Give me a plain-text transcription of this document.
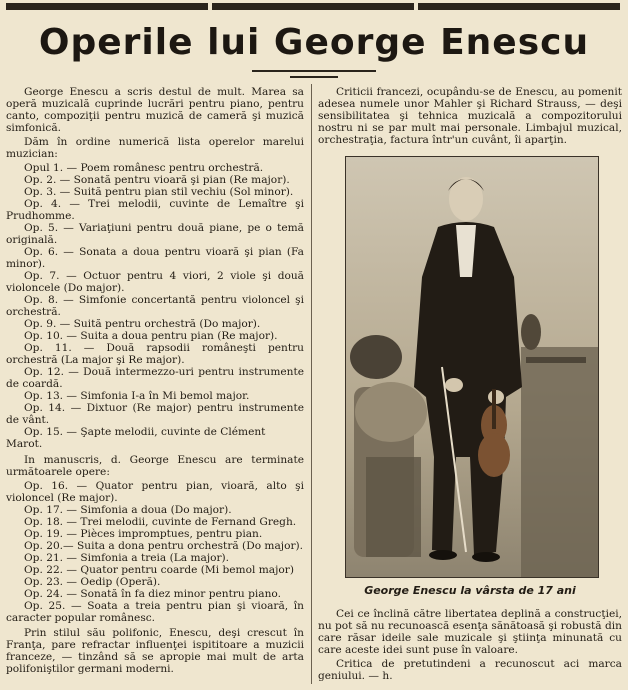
Operile lui George Enescu

George Enescu a scris destul de mult. Marea sa operă muzicală cuprinde lucrări pentru piano, pentru canto, compoziţii pentru muzică de cameră şi muzică simfonică.

Dăm în ordine numerică lista operelor marelui muzician:

Opul 1. — Poem românesc pentru orchestră.

Op. 2. — Sonată pentru vioară şi pian (Re major).

Op. 3. — Suită pentru pian stil vechiu (Sol minor).

Op. 4. — Trei melodii, cuvinte de Lemaître şi Prudhomme.

Op. 5. — Variaţiuni pentru două piane, pe o temă originală.

Op. 6. — Sonata a doua pentru vioară şi pian (Fa minor).

Op. 7. — Octuor pentru 4 viori, 2 viole şi două violoncele (Do major).

Op. 8. — Simfonie concertantă pentru violoncel şi orchestră.

Op. 9. — Suită pentru orchestră (Do major).

Op. 10. — Suita a doua pentru pian (Re major).

Op. 11. — Două rapsodii româneşti pentru orchestră (La major şi Re major).

Op. 12. — Două intermezzo-uri pentru instrumente de coardă.

Op. 13. — Simfonia I-a în Mi bemol major.

Op. 14. — Dixtuor (Re major) pentru instrumente de vânt.

Op. 15. — Şapte melodii, cuvinte de Clément Marot.

In manuscris, d. George Enescu are terminate următoarele opere:

Op. 16. — Quator pentru pian, vioară, alto şi violoncel (Re major).

Op. 17. — Simfonia a doua (Do major).

Op. 18. — Trei melodii, cuvinte de Fernand Gregh.

Op. 19. — Pièces impromptues, pentru pian.

Op. 20.— Suita a dona pentru orchestră (Do major).

Op. 21. — Simfonia a treia (La major).

Op. 22. — Quator pentru coarde (Mi bemol major)

Op. 23. — Oedip (Operă).

Op. 24. — Sonată în fa diez minor pentru piano.

Op. 25. — Soata a treia pentru pian şi vioară, în caracter popular românesc.

Prin stilul său polifonic, Enescu, deşi crescut în Franţa, pare refractar influenţei ispititoare a muzicii franceze, — tinzând să se apropie mai mult de arta polifoniştilor germani moderni.

Criticii francezi, ocupându-se de Enescu, au pomenit adesea numele unor Mahler şi Richard Strauss, — deşi sensibilitatea şi tehnica muzicală a compozitorului nostru ni se par mult mai personale. Limbajul muzical, orchestraţia, factura într'un cuvânt, îi aparţin.

George Enescu la vârsta de 17 ani

Cei ce înclină către libertatea deplină a construcţiei, nu pot să nu recunoască esenţa sănătoasă şi robustă din care răsar ideile sale muzicale şi ştiinţa minunată cu care aceste idei sunt puse în valoare.

Critica de pretutindeni a recunoscut aci marca geniului. — h.
